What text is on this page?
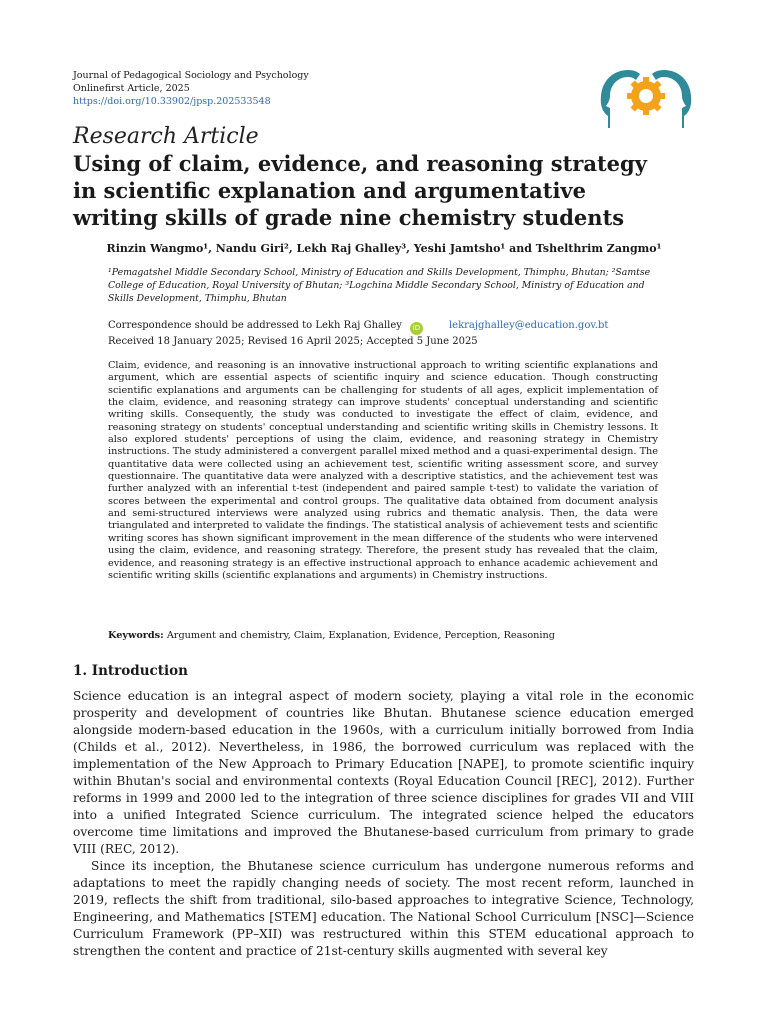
Journal of Pedagogical Sociology and Psychology
Onlinefirst Article, 2025
https://doi.org/10.33902/jpsp.202533548
Research Article
Using of claim, evidence, and reasoning strategy in scientific explanation and argumentative writing skills of grade nine chemistry students
Rinzin Wangmo¹, Nandu Giri², Lekh Raj Ghalley³, Yeshi Jamtsho¹ and Tshelthrim Zangmo¹
¹Pemagatshel Middle Secondary School, Ministry of Education and Skills Development, Thimphu, Bhutan; ²Samtse College of Education, Royal University of Bhutan; ³Logchina Middle Secondary School, Ministry of Education and Skills Development, Thimphu, Bhutan
Correspondence should be addressed to Lekh Raj Ghalley iD	lekrajghalley@education.gov.bt
Received 18 January 2025; Revised 16 April 2025; Accepted 5 June 2025
Claim, evidence, and reasoning is an innovative instructional approach to writing scientific explanations and argument, which are essential aspects of scientific inquiry and science education. Though constructing scientific explanations and arguments can be challenging for students of all ages, explicit implementation of the claim, evidence, and reasoning strategy can improve students' conceptual understanding and scientific writing skills. Consequently, the study was conducted to investigate the effect of claim, evidence, and reasoning strategy on students' conceptual understanding and scientific writing skills in Chemistry lessons. It also explored students' perceptions of using the claim, evidence, and reasoning strategy in Chemistry instructions. The study administered a convergent parallel mixed method and a quasi-experimental design. The quantitative data were collected using an achievement test, scientific writing assessment score, and survey questionnaire. The quantitative data were analyzed with a descriptive statistics, and the achievement test was further analyzed with an inferential t-test (independent and paired sample t-test) to validate the variation of scores between the experimental and control groups. The qualitative data obtained from document analysis and semi-structured interviews were analyzed using rubrics and thematic analysis. Then, the data were triangulated and interpreted to validate the findings. The statistical analysis of achievement tests and scientific writing scores has shown significant improvement in the mean difference of the students who were intervened using the claim, evidence, and reasoning strategy. Therefore, the present study has revealed that the claim, evidence, and reasoning strategy is an effective instructional approach to enhance academic achievement and scientific writing skills (scientific explanations and arguments) in Chemistry instructions.
Keywords: Argument and chemistry, Claim, Explanation, Evidence, Perception, Reasoning
1. Introduction

Science education is an integral aspect of modern society, playing a vital role in the economic prosperity and development of countries like Bhutan. Bhutanese science education emerged alongside modern-based education in the 1960s, with a curriculum initially borrowed from India (Childs et al., 2012). Nevertheless, in 1986, the borrowed curriculum was replaced with the implementation of the New Approach to Primary Education [NAPE], to promote scientific inquiry within Bhutan's social and environmental contexts (Royal Education Council [REC], 2012). Further reforms in 1999 and 2000 led to the integration of three science disciplines for grades VII and VIII into a unified Integrated Science curriculum. The integrated science helped the educators overcome time limitations and improved the Bhutanese-based curriculum from primary to grade VIII (REC, 2012).

Since its inception, the Bhutanese science curriculum has undergone numerous reforms and adaptations to meet the rapidly changing needs of society. The most recent reform, launched in 2019, reflects the shift from traditional, silo-based approaches to integrative Science, Technology, Engineering, and Mathematics [STEM] education. The National School Curriculum [NSC]—Science Curriculum Framework (PP–XII) was restructured within this STEM educational approach to strengthen the content and practice of 21st-century skills augmented with several key
